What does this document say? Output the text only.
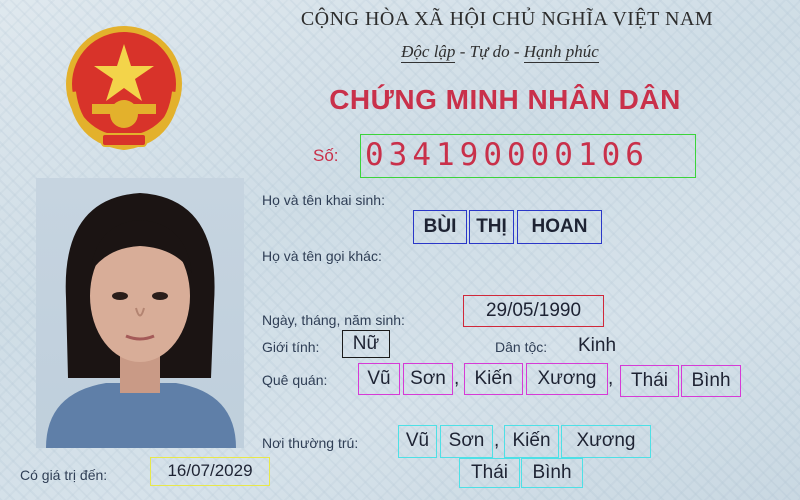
CỘNG HÒA XÃ HỘI CHỦ NGHĨA VIỆT NAM
Độc lập - Tự do - Hạnh phúc
CHỨNG MINH NHÂN DÂN
Số: 034190000106
Họ và tên khai sinh:
BÙI	THỊ	HOAN
Họ và tên gọi khác:
Ngày, tháng, năm sinh:	29/05/1990
Giới tính:	Nữ	Dân tộc: Kinh
Quê quán:	Vũ	Sơn , Kiến	Xương , Thái	Bình
Nơi thường trú:	Vũ	Sơn , Kiến	Xương
Thái	Bình
Có giá trị đến:	16/07/2029
